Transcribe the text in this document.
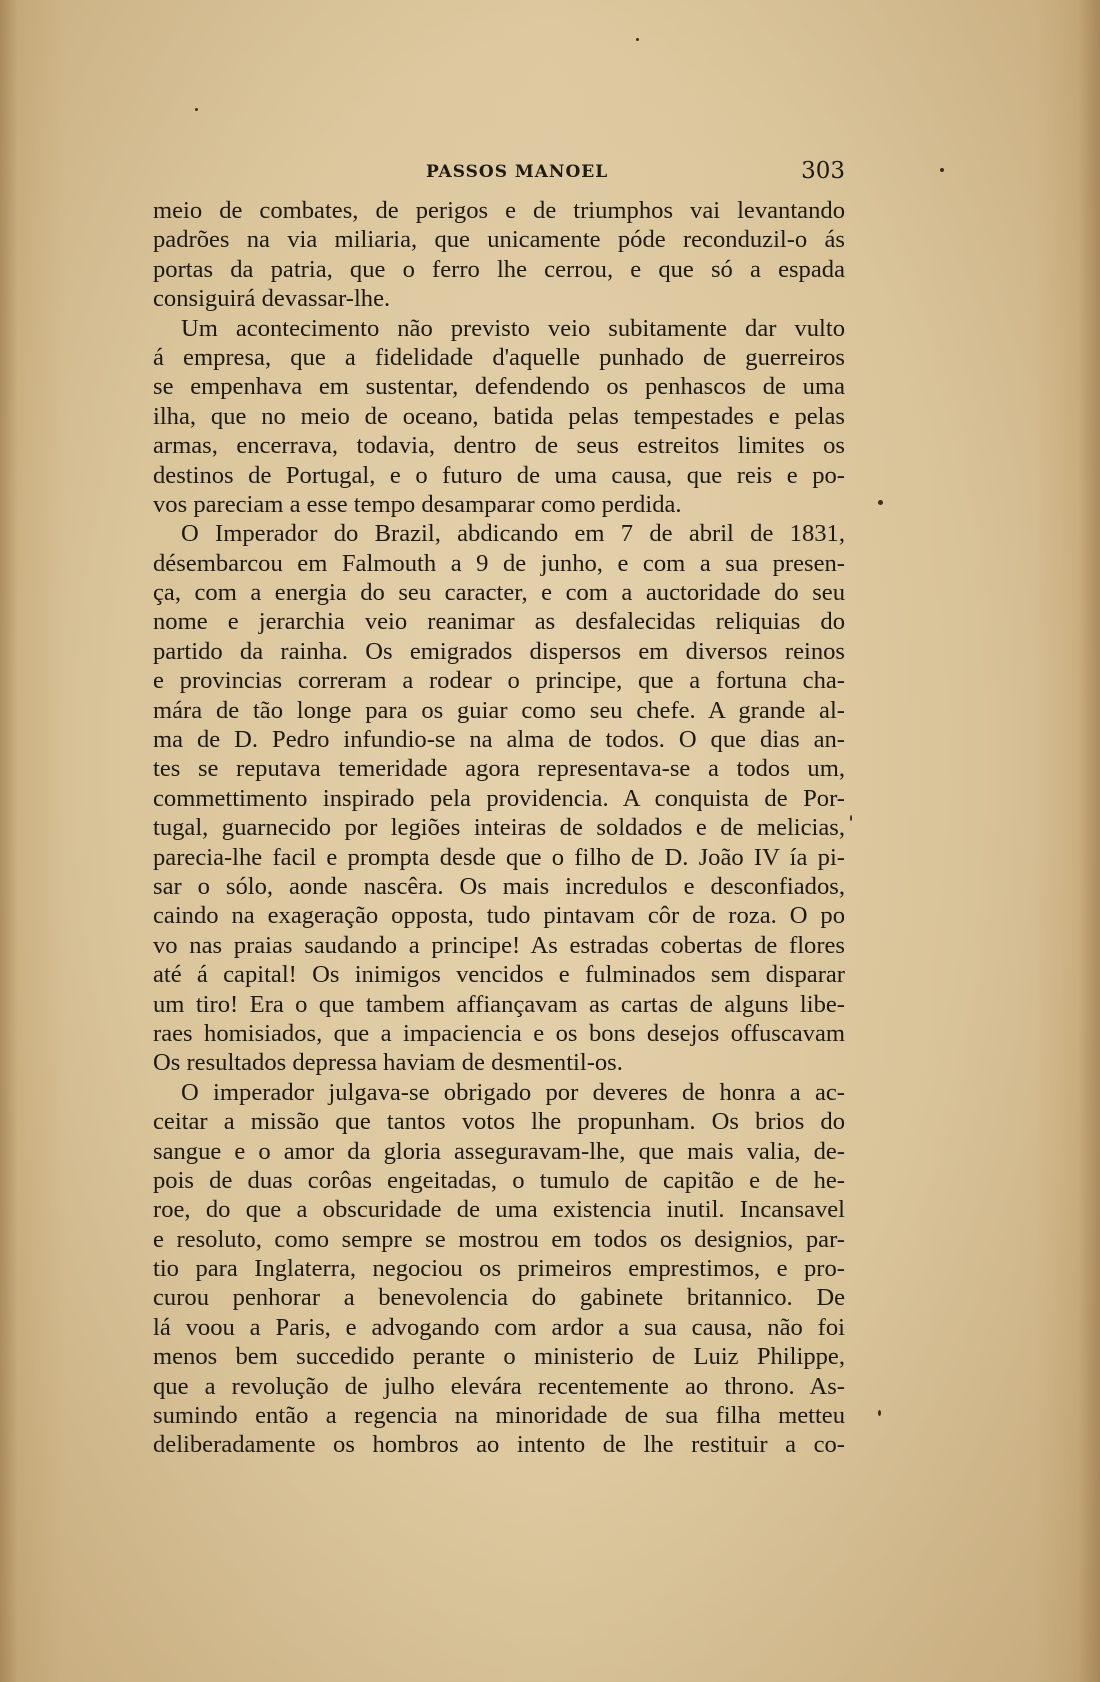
PASSOS MANOEL	303
meio de combates, de perigos e de triumphos vai levantando
padrões na via miliaria, que unicamente póde reconduzil-o ás
portas da patria, que o ferro lhe cerrou, e que só a espada
consiguirá devassar-lhe.
Um acontecimento não previsto veio subitamente dar vulto
á empresa, que a fidelidade d'aquelle punhado de guerreiros
se empenhava em sustentar, defendendo os penhascos de uma
ilha, que no meio de oceano, batida pelas tempestades e pelas
armas, encerrava, todavia, dentro de seus estreitos limites os
destinos de Portugal, e o futuro de uma causa, que reis e po-
vos pareciam a esse tempo desamparar como perdida.
O Imperador do Brazil, abdicando em 7 de abril de 1831,
désembarcou em Falmouth a 9 de junho, e com a sua presen-
ça, com a energia do seu caracter, e com a auctoridade do seu
nome e jerarchia veio reanimar as desfalecidas reliquias do
partido da rainha. Os emigrados dispersos em diversos reinos
e provincias correram a rodear o principe, que a fortuna cha-
mára de tão longe para os guiar como seu chefe. A grande al-
ma de D. Pedro infundio-se na alma de todos. O que dias an-
tes se reputava temeridade agora representava-se a todos um,
commettimento inspirado pela providencia. A conquista de Por-
tugal, guarnecido por legiões inteiras de soldados e de melicias,
parecia-lhe facil e prompta desde que o filho de D. João IV ía pi-
sar o sólo, aonde nascêra. Os mais incredulos e desconfiados,
caindo na exageração opposta, tudo pintavam côr de roza. O po
vo nas praias saudando a principe! As estradas cobertas de flores
até á capital! Os inimigos vencidos e fulminados sem disparar
um tiro! Era o que tambem affiançavam as cartas de alguns libe-
raes homisiados, que a impaciencia e os bons desejos offuscavam
Os resultados depressa haviam de desmentil-os.
O imperador julgava-se obrigado por deveres de honra a ac-
ceitar a missão que tantos votos lhe propunham. Os brios do
sangue e o amor da gloria asseguravam-lhe, que mais valia, de-
pois de duas corôas engeitadas, o tumulo de capitão e de he-
roe, do que a obscuridade de uma existencia inutil. Incansavel
e resoluto, como sempre se mostrou em todos os designios, par-
tio para Inglaterra, negociou os primeiros emprestimos, e pro-
curou penhorar a benevolencia do gabinete britannico. De
lá voou a Paris, e advogando com ardor a sua causa, não foi
menos bem succedido perante o ministerio de Luiz Philippe,
que a revolução de julho elevára recentemente ao throno. As-
sumindo então a regencia na minoridade de sua filha metteu
deliberadamente os hombros ao intento de lhe restituir a co-
